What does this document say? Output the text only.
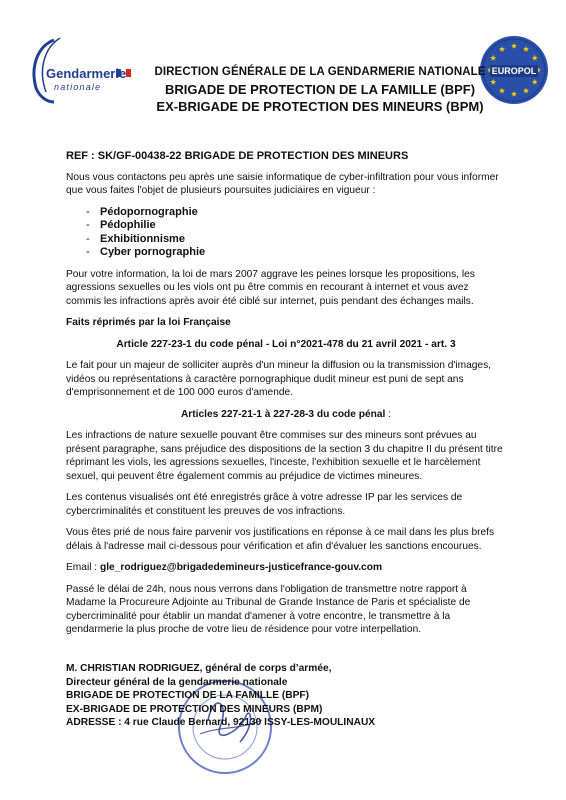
Gendarmerie
nationale
EUROPOL
DIRECTION GÉNÉRALE DE LA GENDARMERIE NATIONALE
BRIGADE DE PROTECTION DE LA FAMILLE (BPF)
EX-BRIGADE DE PROTECTION DES MINEURS (BPM)
REF : SK/GF-00438-22 BRIGADE DE PROTECTION DES MINEURS

Nous vous contactons peu après une saisie informatique de cyber-infiltration pour vous informer que vous faites l'objet de plusieurs poursuites judiciaires en vigueur :

- Pédopornographie
- Pédophilie
- Exhibitionnisme
- Cyber pornographie

Pour votre information, la loi de mars 2007 aggrave les peines lorsque les propositions, les agressions sexuelles ou les viols ont pu être commis en recourant à internet et vous avez commis les infractions après avoir été ciblé sur internet, puis pendant des échanges mails.

Faits réprimés par la loi Française

Article 227-23-1 du code pénal - Loi n°2021-478 du 21 avril 2021 - art. 3

Le fait pour un majeur de solliciter auprès d'un mineur la diffusion ou la transmission d'images, vidéos ou représentations à caractère pornographique dudit mineur est puni de sept ans d'emprisonnement et de 100 000 euros d'amende.

Articles 227-21-1 à 227-28-3 du code pénal :

Les infractions de nature sexuelle pouvant être commises sur des mineurs sont prévues au présent paragraphe, sans préjudice des dispositions de la section 3 du chapitre II du présent titre réprimant les viols, les agressions sexuelles, l'inceste, l'exhibition sexuelle et le harcèlement sexuel, qui peuvent être également commis au préjudice de victimes mineures.

Les contenus visualisés ont été enregistrés grâce à votre adresse IP par les services de cybercriminalités et constituent les preuves de vos infractions.

Vous êtes prié de nous faire parvenir vos justifications en réponse à ce mail dans les plus brefs délais à l'adresse mail ci-dessous pour vérification et afin d'évaluer les sanctions encourues.

Email : gle_rodriguez@brigadedemineurs-justicefrance-gouv.com

Passé le délai de 24h, nous nous verrons dans l'obligation de transmettre notre rapport à Madame la Procureure Adjointe au Tribunal de Grande Instance de Paris et spécialiste de cybercriminalité pour établir un mandat d'amener à votre encontre, le transmettre à la gendarmerie la plus proche de votre lieu de résidence pour votre interpellation.

M. CHRISTIAN RODRIGUEZ, général de corps d’armée,
Directeur général de la gendarmerie nationale
BRIGADE DE PROTECTION DE LA FAMILLE (BPF)
EX-BRIGADE DE PROTECTION DES MINEURS (BPM)
ADRESSE : 4 rue Claude Bernard, 92130 ISSY-LES-MOULINAUX
